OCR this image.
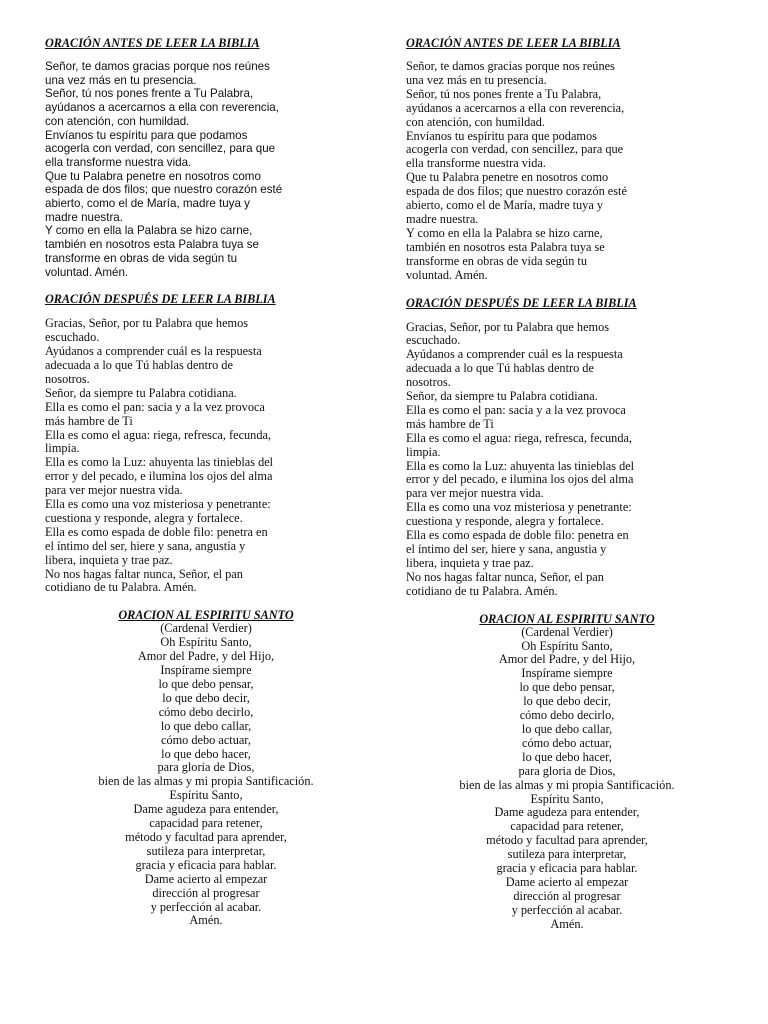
ORACIÓN ANTES DE LEER LA BIBLIA

Señor, te damos gracias porque nos reúnes
una vez más en tu presencia.
Señor, tú nos pones frente a Tu Palabra,
ayúdanos a acercarnos a ella con reverencia,
con atención, con humildad.
Envíanos tu espíritu para que podamos
acogerla con verdad, con sencillez, para que
ella transforme nuestra vida.
Que tu Palabra penetre en nosotros como
espada de dos filos; que nuestro corazón esté
abierto, como el de María, madre tuya y
madre nuestra.
Y como en ella la Palabra se hizo carne,
también en nosotros esta Palabra tuya se
transforme en obras de vida según tu
voluntad. Amén.

ORACIÓN DESPUÉS DE LEER LA BIBLIA

Gracias, Señor, por tu Palabra que hemos
escuchado.
Ayúdanos a comprender cuál es la respuesta
adecuada a lo que Tú hablas dentro de
nosotros.
Señor, da siempre tu Palabra cotidiana.
Ella es como el pan: sacia y a la vez provoca
más hambre de Ti
Ella es como el agua: riega, refresca, fecunda,
limpia.
Ella es como la Luz: ahuyenta las tinieblas del
error y del pecado, e ilumina los ojos del alma
para ver mejor nuestra vida.
Ella es como una voz misteriosa y penetrante:
cuestiona y responde, alegra y fortalece.
Ella es como espada de doble filo: penetra en
el íntimo del ser, hiere y sana, angustia y
libera, inquieta y trae paz.
No nos hagas faltar nunca, Señor, el pan
cotidiano de tu Palabra. Amén.

ORACION AL ESPIRITU SANTO

(Cardenal Verdier)
Oh Espíritu Santo,
Amor del Padre, y del Hijo,
Inspírame siempre
lo que debo pensar,
lo que debo decir,
cómo debo decirlo,
lo que debo callar,
cómo debo actuar,
lo que debo hacer,
para gloria de Dios,
bien de las almas y mi propia Santificación.
Espíritu Santo,
Dame agudeza para entender,
capacidad para retener,
método y facultad para aprender,
sutileza para interpretar,
gracia y eficacia para hablar.
Dame acierto al empezar
dirección al progresar
y perfección al acabar.
Amén.

ORACIÓN ANTES DE LEER LA BIBLIA

Señor, te damos gracias porque nos reúnes
una vez más en tu presencia.
Señor, tú nos pones frente a Tu Palabra,
ayúdanos a acercarnos a ella con reverencia,
con atención, con humildad.
Envíanos tu espíritu para que podamos
acogerla con verdad, con sencillez, para que
ella transforme nuestra vida.
Que tu Palabra penetre en nosotros como
espada de dos filos; que nuestro corazón esté
abierto, como el de María, madre tuya y
madre nuestra.
Y como en ella la Palabra se hizo carne,
también en nosotros esta Palabra tuya se
transforme en obras de vida según tu
voluntad. Amén.

ORACIÓN DESPUÉS DE LEER LA BIBLIA

Gracias, Señor, por tu Palabra que hemos
escuchado.
Ayúdanos a comprender cuál es la respuesta
adecuada a lo que Tú hablas dentro de
nosotros.
Señor, da siempre tu Palabra cotidiana.
Ella es como el pan: sacia y a la vez provoca
más hambre de Ti
Ella es como el agua: riega, refresca, fecunda,
limpia.
Ella es como la Luz: ahuyenta las tinieblas del
error y del pecado, e ilumina los ojos del alma
para ver mejor nuestra vida.
Ella es como una voz misteriosa y penetrante:
cuestiona y responde, alegra y fortalece.
Ella es como espada de doble filo: penetra en
el íntimo del ser, hiere y sana, angustia y
libera, inquieta y trae paz.
No nos hagas faltar nunca, Señor, el pan
cotidiano de tu Palabra. Amén.

ORACION AL ESPIRITU SANTO

(Cardenal Verdier)
Oh Espíritu Santo,
Amor del Padre, y del Hijo,
Inspírame siempre
lo que debo pensar,
lo que debo decir,
cómo debo decirlo,
lo que debo callar,
cómo debo actuar,
lo que debo hacer,
para gloria de Dios,
bien de las almas y mi propia Santificación.
Espíritu Santo,
Dame agudeza para entender,
capacidad para retener,
método y facultad para aprender,
sutileza para interpretar,
gracia y eficacia para hablar.
Dame acierto al empezar
dirección al progresar
y perfección al acabar.
Amén.
